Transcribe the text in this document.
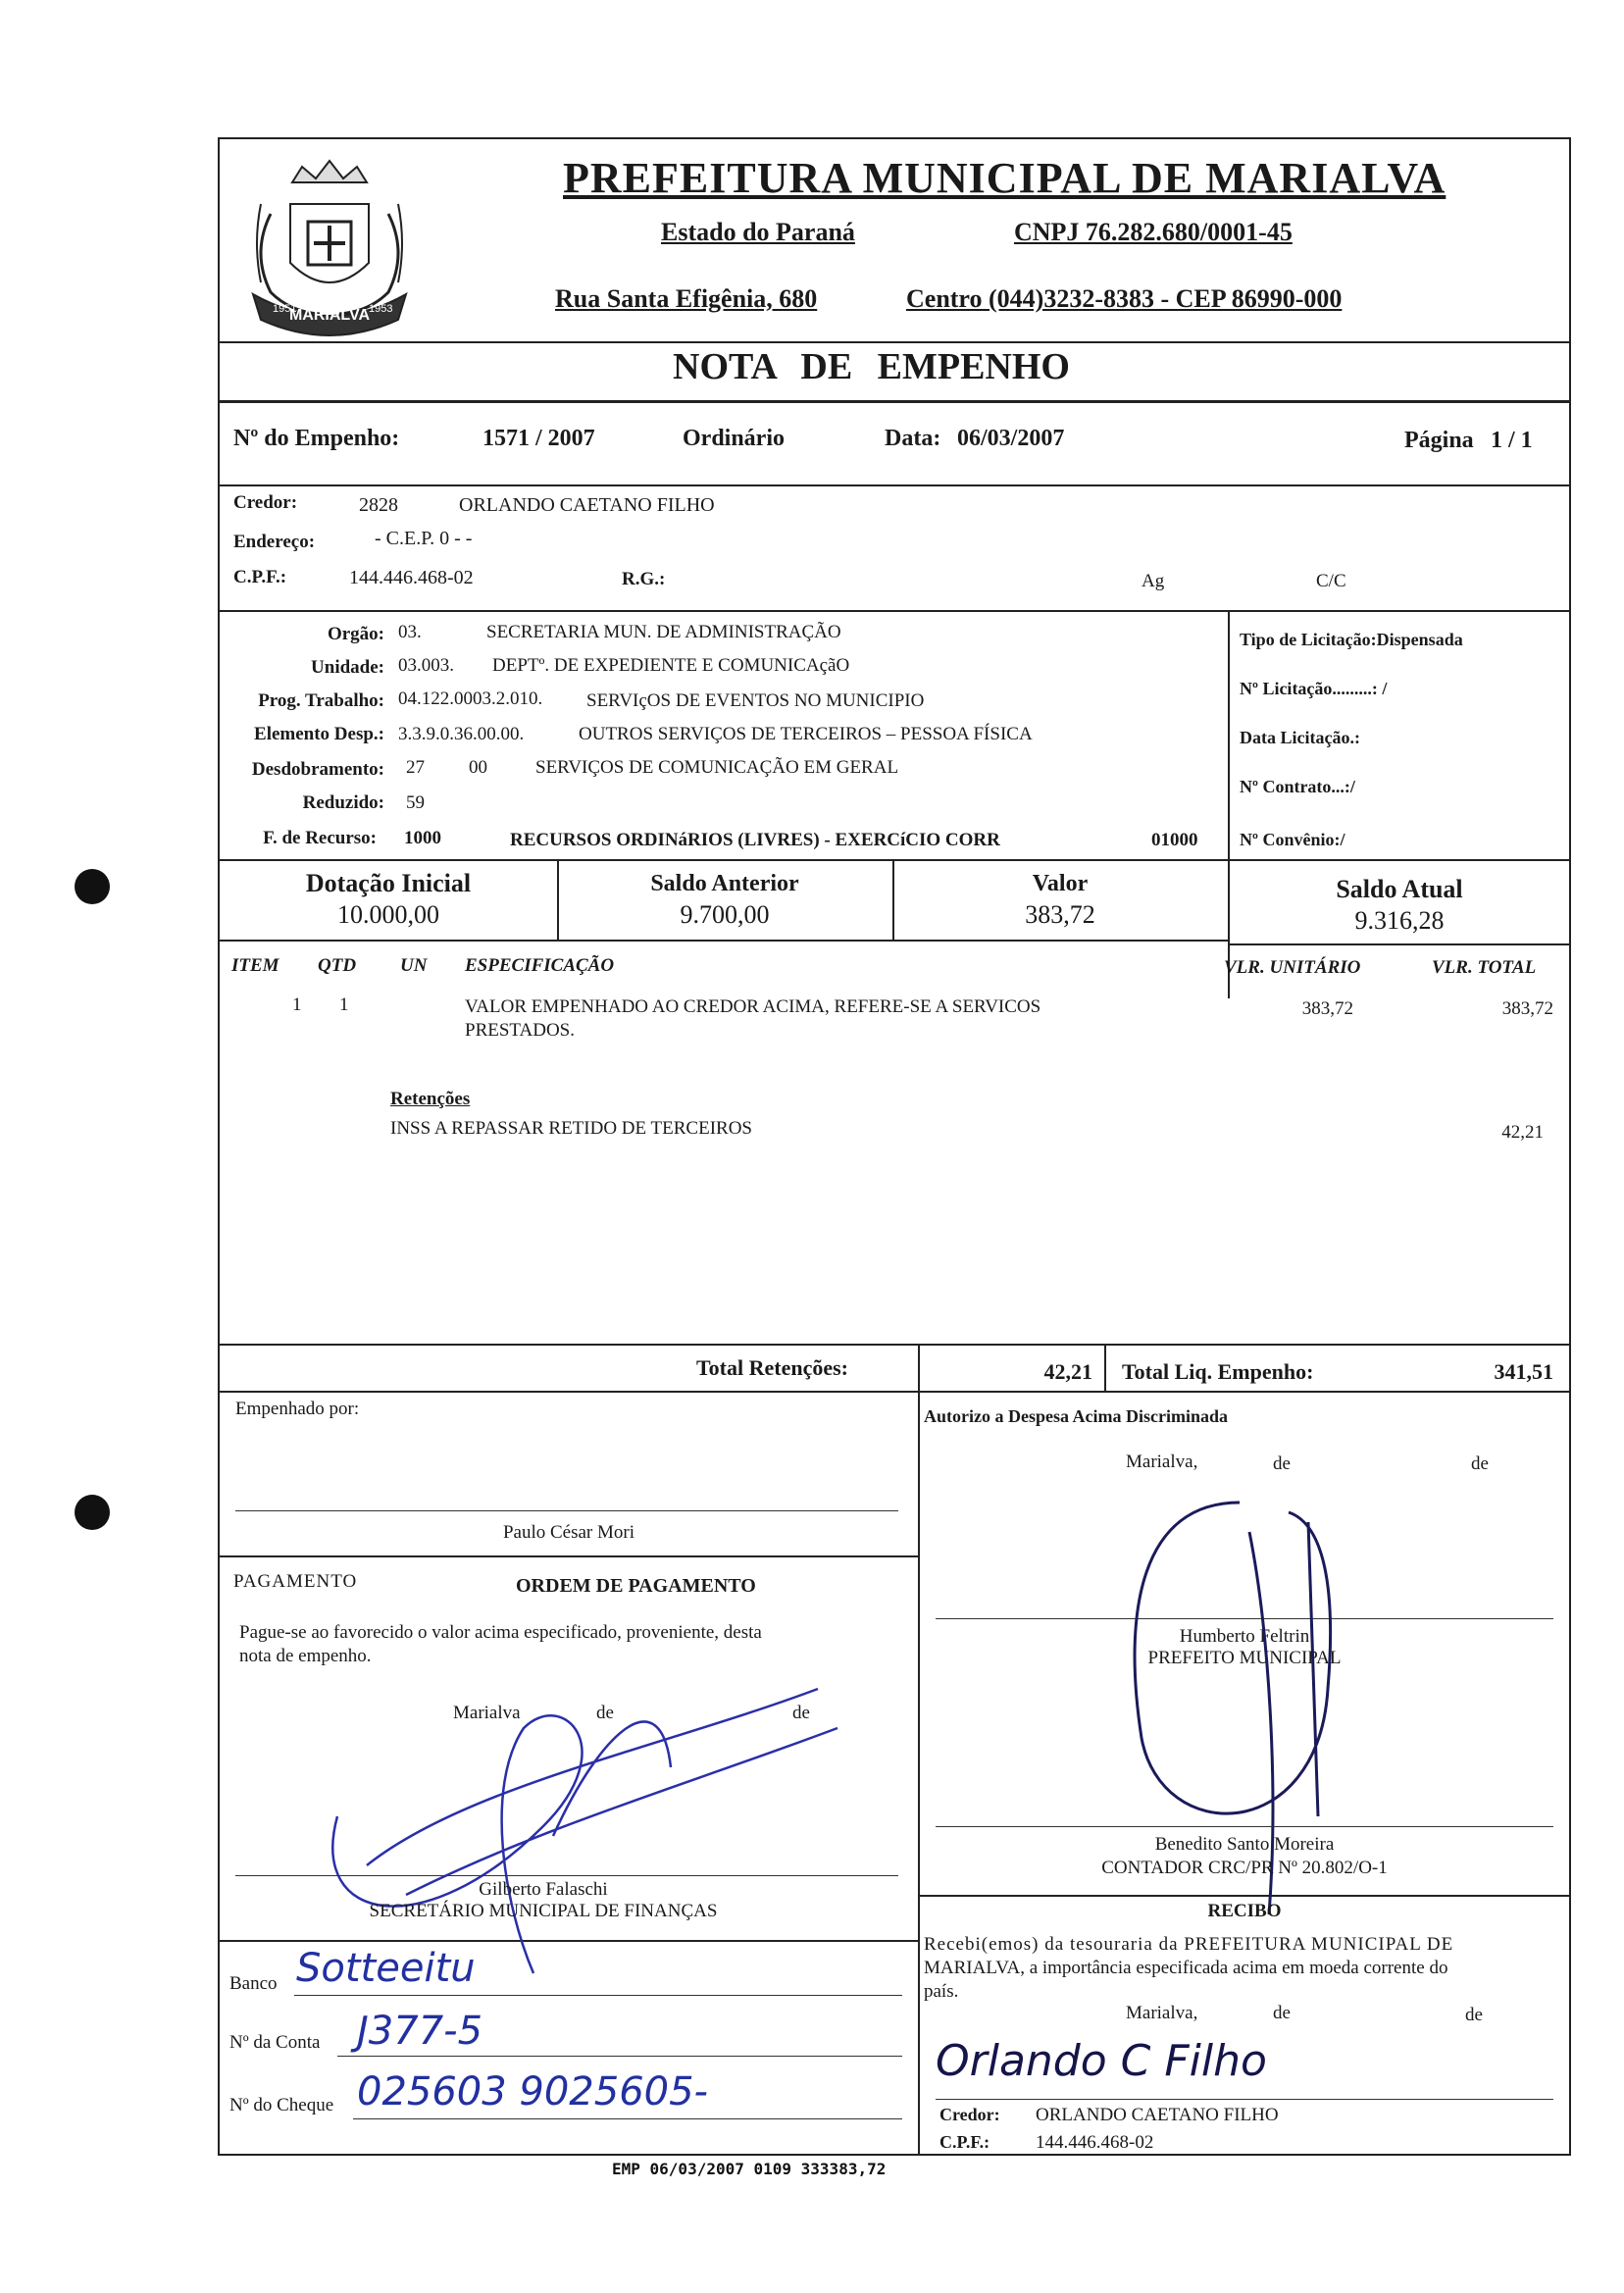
MARIALVA
1951	1953
PREFEITURA MUNICIPAL DE MARIALVA
Estado do Paraná	CNPJ 76.282.680/0001-45
Rua Santa Efigênia, 680	Centro (044)3232-8383 - CEP 86990-000
NOTA DE EMPENHO
Nº do Empenho:	1571 / 2007	Ordinário	Data: 06/03/2007	Página 1 / 1
Credor:	2828	ORLANDO CAETANO FILHO
Endereço:	- C.E.P. 0 - -
C.P.F.:	144.446.468-02	R.G.:	Ag	C/C
Orgão: 03.	SECRETARIA MUN. DE ADMINISTRAÇÃO
Unidade: 03.003. DEPTº. DE EXPEDIENTE E COMUNICAçãO
Prog. Trabalho: 04.122.0003.2.010. SERVIçOS DE EVENTOS NO MUNICIPIO
Elemento Desp.: 3.3.9.0.36.00.00.	OUTROS SERVIÇOS DE TERCEIROS – PESSOA FÍSICA
Desdobramento: 27 00	SERVIÇOS DE COMUNICAÇÃO EM GERAL
Reduzido: 59
F. de Recurso: 1000	RECURSOS ORDINáRIOS (LIVRES) - EXERCíCIO CORR	01000
Tipo de Licitação:Dispensada
Nº Licitação.........: /
Data Licitação.:
Nº Contrato...:/
Nº Convênio:/
Dotação Inicial
10.000,00
Saldo Anterior
9.700,00
Valor
383,72
Saldo Atual
9.316,28
ITEM QTD UN ESPECIFICAÇÃO	VLR. UNITÁRIO	VLR. TOTAL
1 1	VALOR EMPENHADO AO CREDOR ACIMA, REFERE-SE A SERVICOS
PRESTADOS.
383,72	383,72
Retenções
INSS A REPASSAR RETIDO DE TERCEIROS	42,21
Total Retenções:	42,21 Total Liq. Empenho:	341,51
Empenhado por:
Paulo César Mori
Autorizo a Despesa Acima Discriminada
Marialva,	de	de
Humberto Feltrin
PREFEITO MUNICIPAL
Benedito Santo Moreira
CONTADOR CRC/PR Nº 20.802/O-1
PAGAMENTO	ORDEM DE PAGAMENTO
Pague-se ao favorecido o valor acima especificado, proveniente, desta
nota de empenho.
Marialva	de	de
Gilberto Falaschi
SECRETÁRIO MUNICIPAL DE FINANÇAS
Banco Sotteeitu
Nº da Conta J377-5
Nº do Cheque 025603 9025605-
RECIBO
Recebi(emos) da tesouraria da PREFEITURA MUNICIPAL DE
MARIALVA, a importância especificada acima em moeda corrente do
país.
Marialva,	de	de
Orlando C Filho
Credor: ORLANDO CAETANO FILHO
C.P.F.: 144.446.468-02
EMP 06/03/2007 0109 333383,72
